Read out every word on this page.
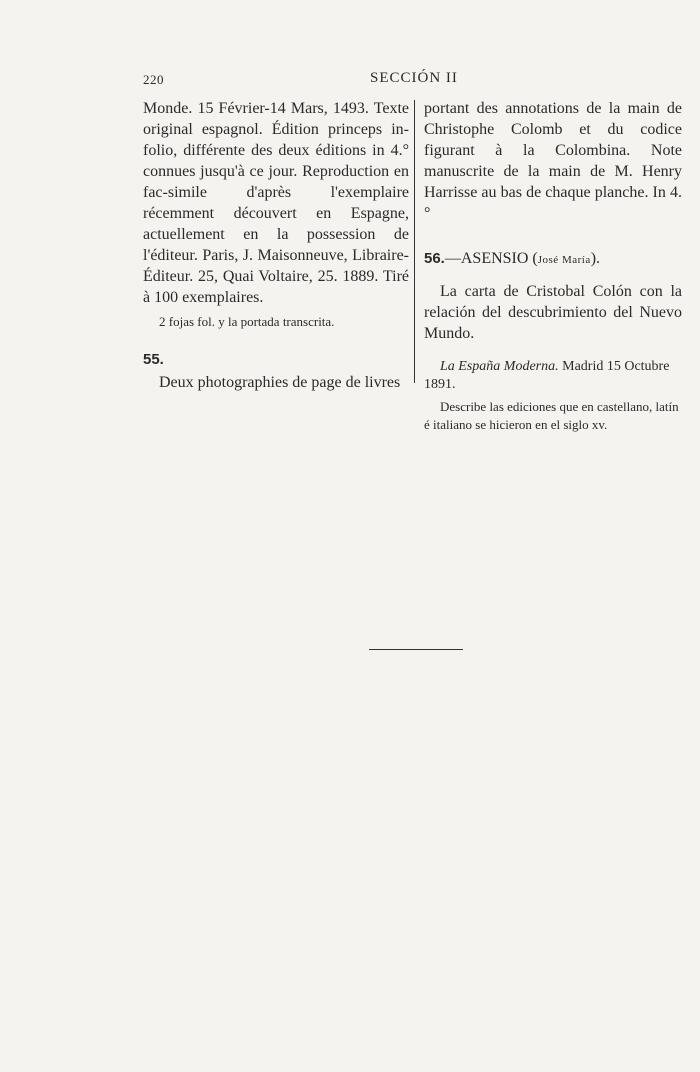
220	SECCIÓN II

Monde. 15 Février-14 Mars, 1493. Texte original espagnol. Édition princeps in-folio, différente des deux éditions in 4.° connues jusqu'à ce jour. Reproduction en fac-simile d'après l'exemplaire récemment découvert en Espagne, actuellement en la possession de l'éditeur. Paris, J. Maisonneuve, Libraire-Éditeur. 25, Quai Voltaire, 25. 1889. Tiré à 100 exemplaires.

2 fojas fol. y la portada transcrita.

55.

Deux photographies de page de livres

portant des annotations de la main de Christophe Colomb et du codice figurant à la Colombina. Note manuscrite de la main de M. Henry Harrisse au bas de chaque planche. In 4.°

56.—ASENSIO (José María).

La carta de Cristobal Colón con la relación del descubrimiento del Nuevo Mundo.

La España Moderna. Madrid 15 Octubre 1891.

Describe las ediciones que en castellano, latín é italiano se hicieron en el siglo xv.
